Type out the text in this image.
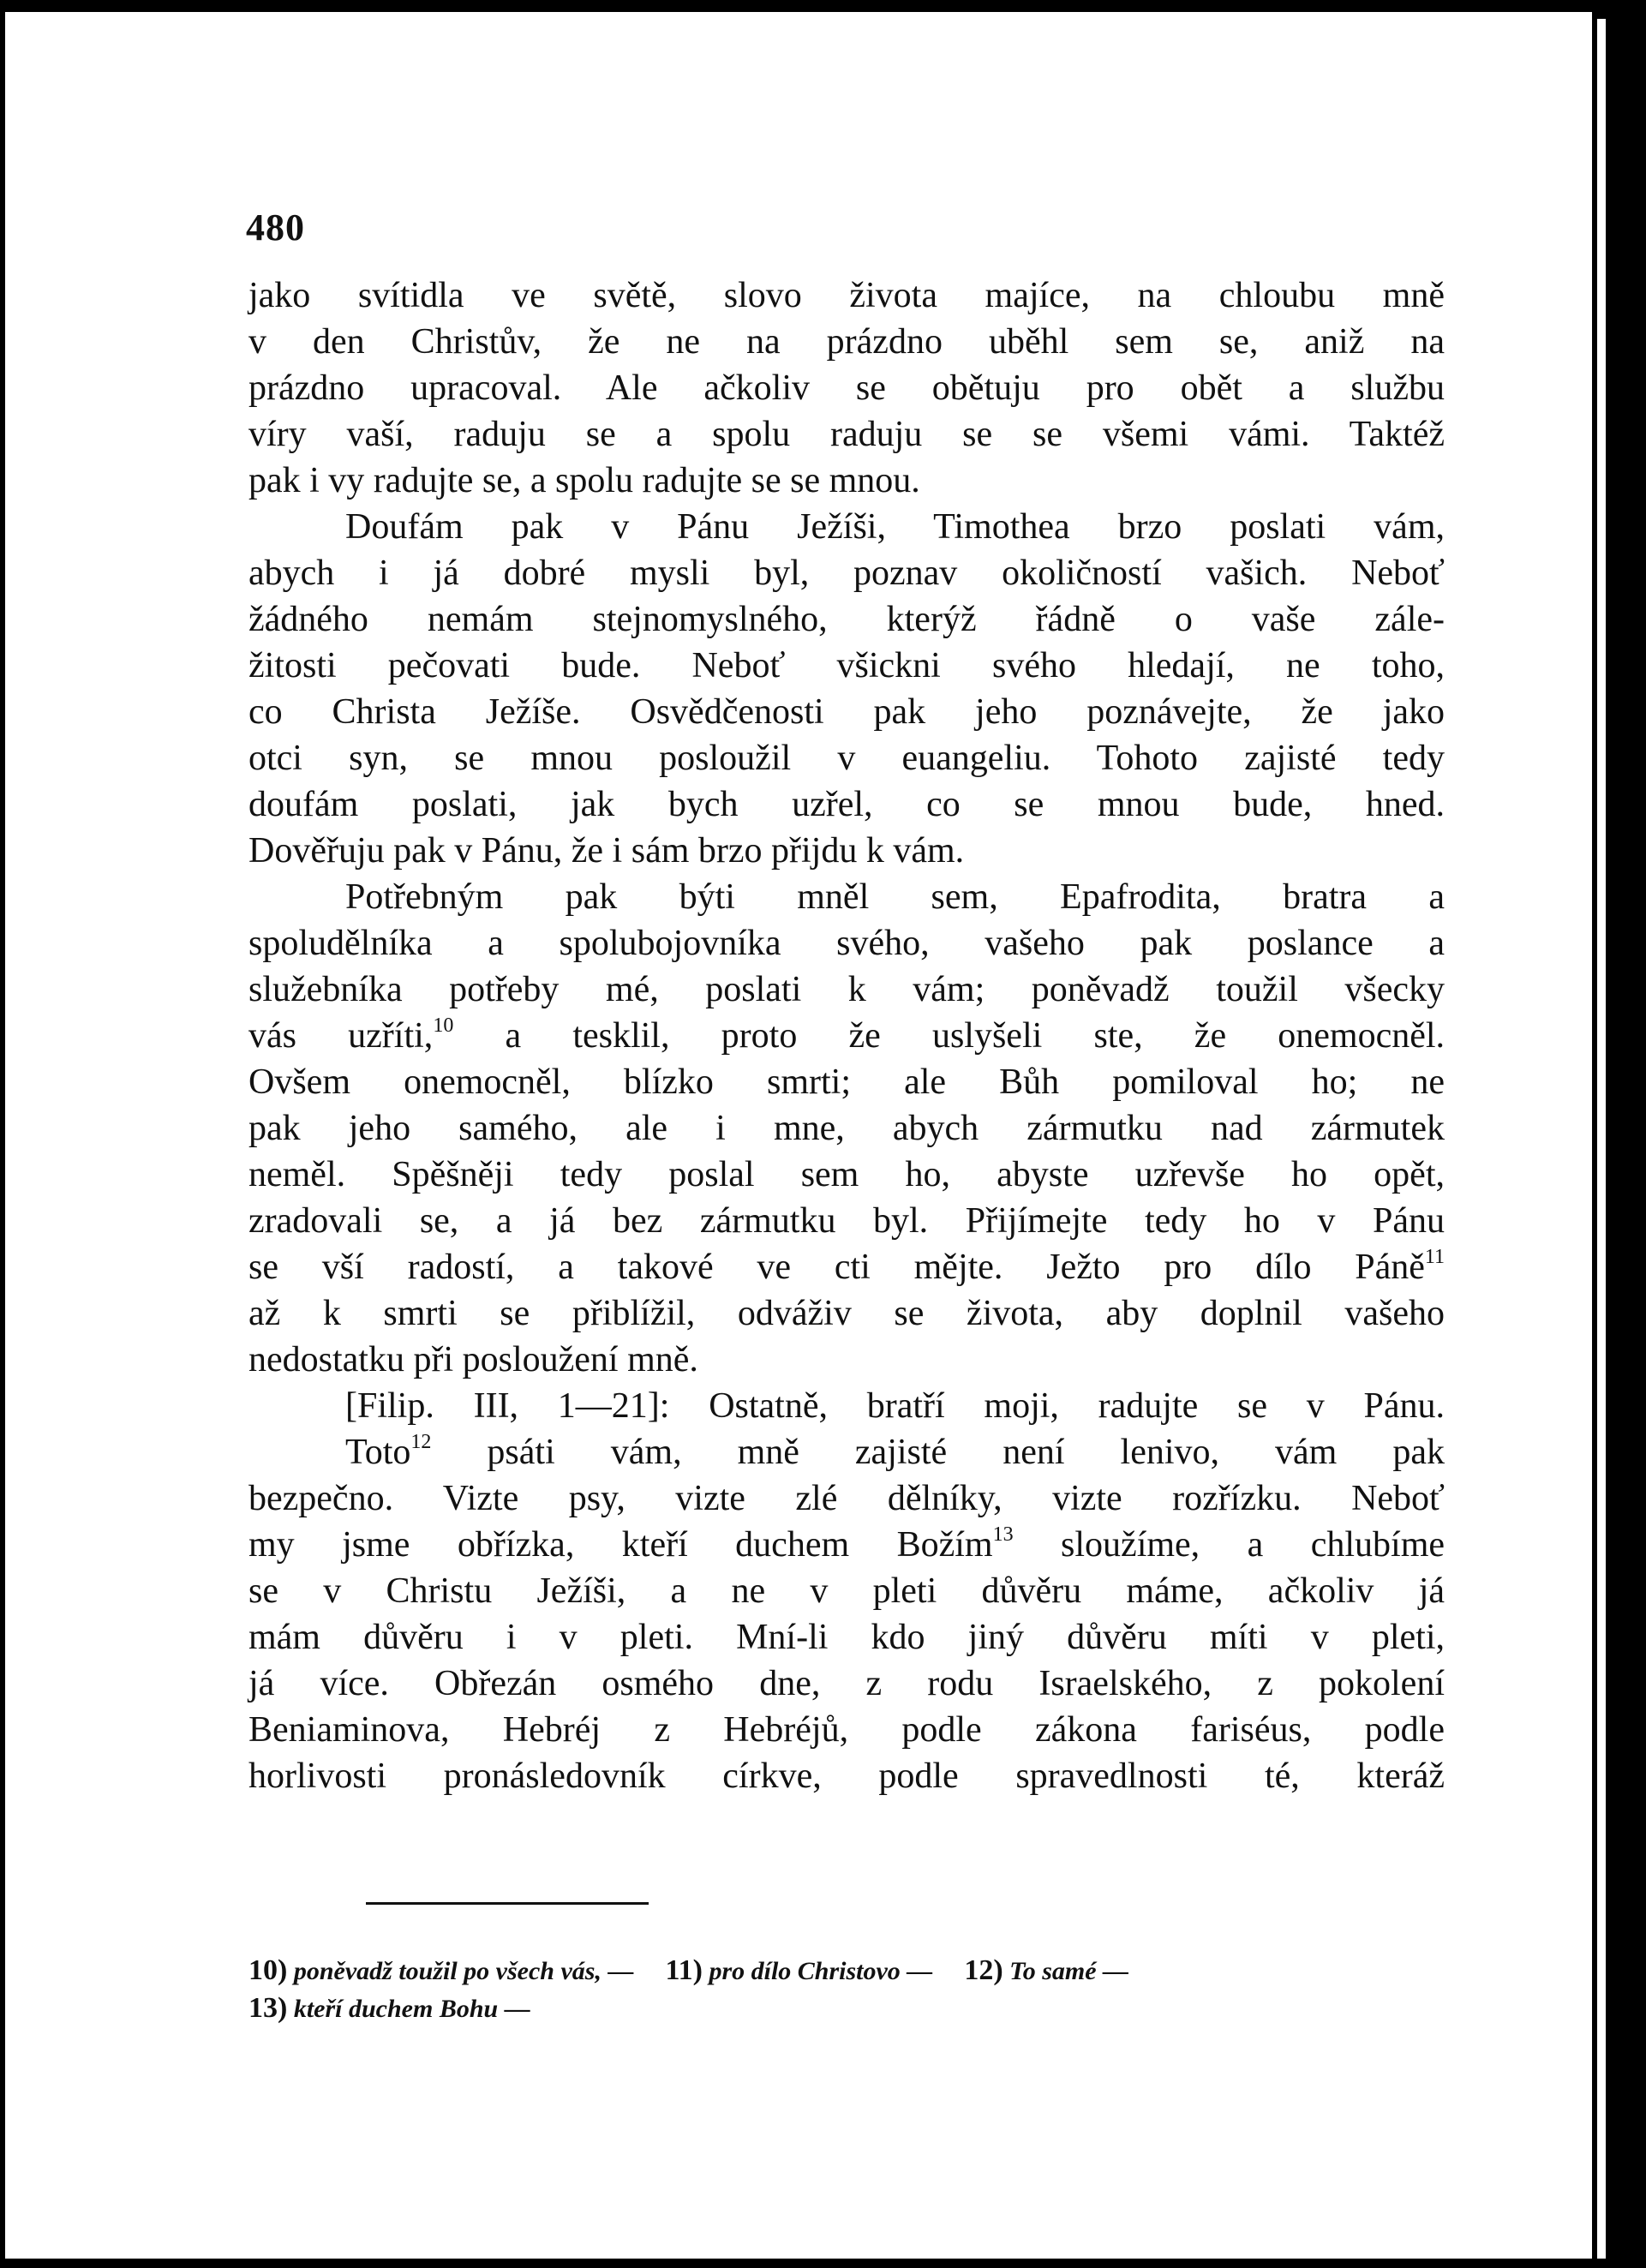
480
jako svítidla ve světě, slovo života majíce, na chloubu mně
v den Christův, že ne na prázdno uběhl sem se, aniž na
prázdno upracoval. Ale ačkoliv se obětuju pro obět a službu
víry vaší, raduju se a spolu raduju se se všemi vámi. Taktéž
pak i vy radujte se, a spolu radujte se se mnou.
Doufám pak v Pánu Ježíši, Timothea brzo poslati vám,
abych i já dobré mysli byl, poznav okoličností vašich. Neboť
žádného nemám stejnomyslného, kterýž řádně o vaše zále-
žitosti pečovati bude. Neboť všickni svého hledají, ne toho,
co Christa Ježíše. Osvědčenosti pak jeho poznávejte, že jako
otci syn, se mnou posloužil v euangeliu. Tohoto zajisté tedy
doufám poslati, jak bych uzřel, co se mnou bude, hned.
Dověřuju pak v Pánu, že i sám brzo přijdu k vám.
Potřebným pak býti mněl sem, Epafrodita, bratra a
spoludělníka a spolubojovníka svého, vašeho pak poslance a
služebníka potřeby mé, poslati k vám; poněvadž toužil všecky
vás uzříti,$^{10}$ a tesklil, proto že uslyšeli ste, že onemocněl.
Ovšem onemocněl, blízko smrti; ale Bůh pomiloval ho; ne
pak jeho samého, ale i mne, abych zármutku nad zármutek
neměl. Spěšněji tedy poslal sem ho, abyste uzřevše ho opět,
zradovali se, a já bez zármutku byl. Přijímejte tedy ho v Pánu
se vší radostí, a takové ve cti mějte. Ježto pro dílo Páně$^{11}$
až k smrti se přiblížil, odváživ se života, aby doplnil vašeho
nedostatku při posloužení mně.
[Filip. III, 1—21]: Ostatně, bratří moji, radujte se v Pánu.
Toto$^{12}$ psáti vám, mně zajisté není lenivo, vám pak
bezpečno. Vizte psy, vizte zlé dělníky, vizte rozřízku. Neboť
my jsme obřízka, kteří duchem Božím$^{13}$ sloužíme, a chlubíme
se v Christu Ježíši, a ne v pleti důvěru máme, ačkoliv já
mám důvěru i v pleti. Mní-li kdo jiný důvěru míti v pleti,
já více. Obřezán osmého dne, z rodu Israelského, z pokolení
Beniaminova, Hebréj z Hebréjů, podle zákona fariséus, podle
horlivosti pronásledovník církve, podle spravedlnosti té, kteráž
10) poněvadž toužil po všech vás, — 11) pro dílo Christovo — 12) To samé —
13) kteří duchem Bohu —
